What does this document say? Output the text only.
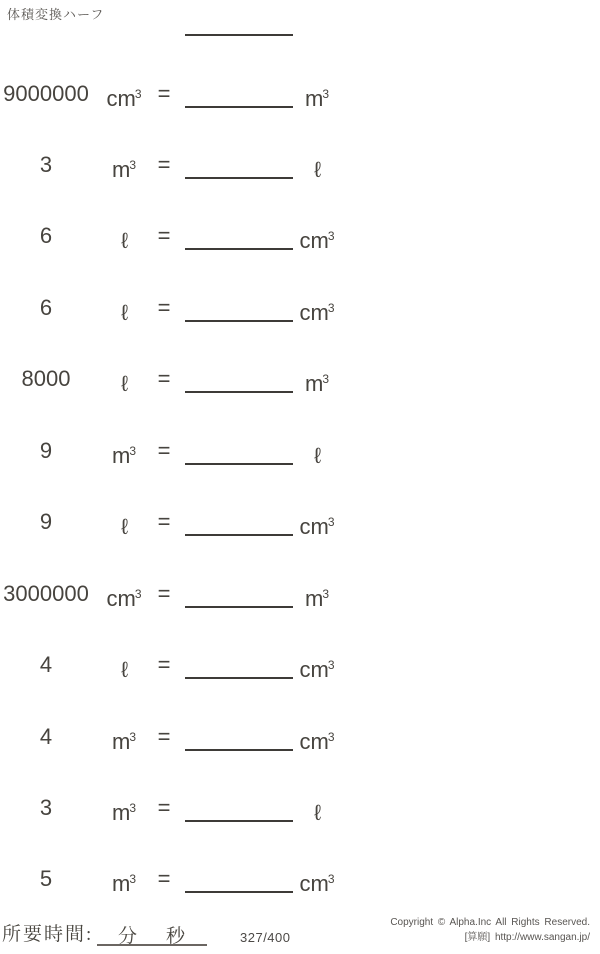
体積変換ハーフ
9000000 $cm^3$ =	$m^3$
3	$m^3$ =	ℓ
6	ℓ	=	$cm^3$
6	ℓ	=	$cm^3$
8000	ℓ	=	$m^3$
9	$m^3$ =	ℓ
9	ℓ	=	$cm^3$
3000000 $cm^3$ =	$m^3$
4	ℓ	=	$cm^3$
4	$m^3$ =	$cm^3$
3	$m^3$ =	ℓ
5	$m^3$ =	$cm^3$
所要時間: 分 秒	327/400
Copyright © Alpha.Inc All Rights Reserved.
[算願] http://www.sangan.jp/
